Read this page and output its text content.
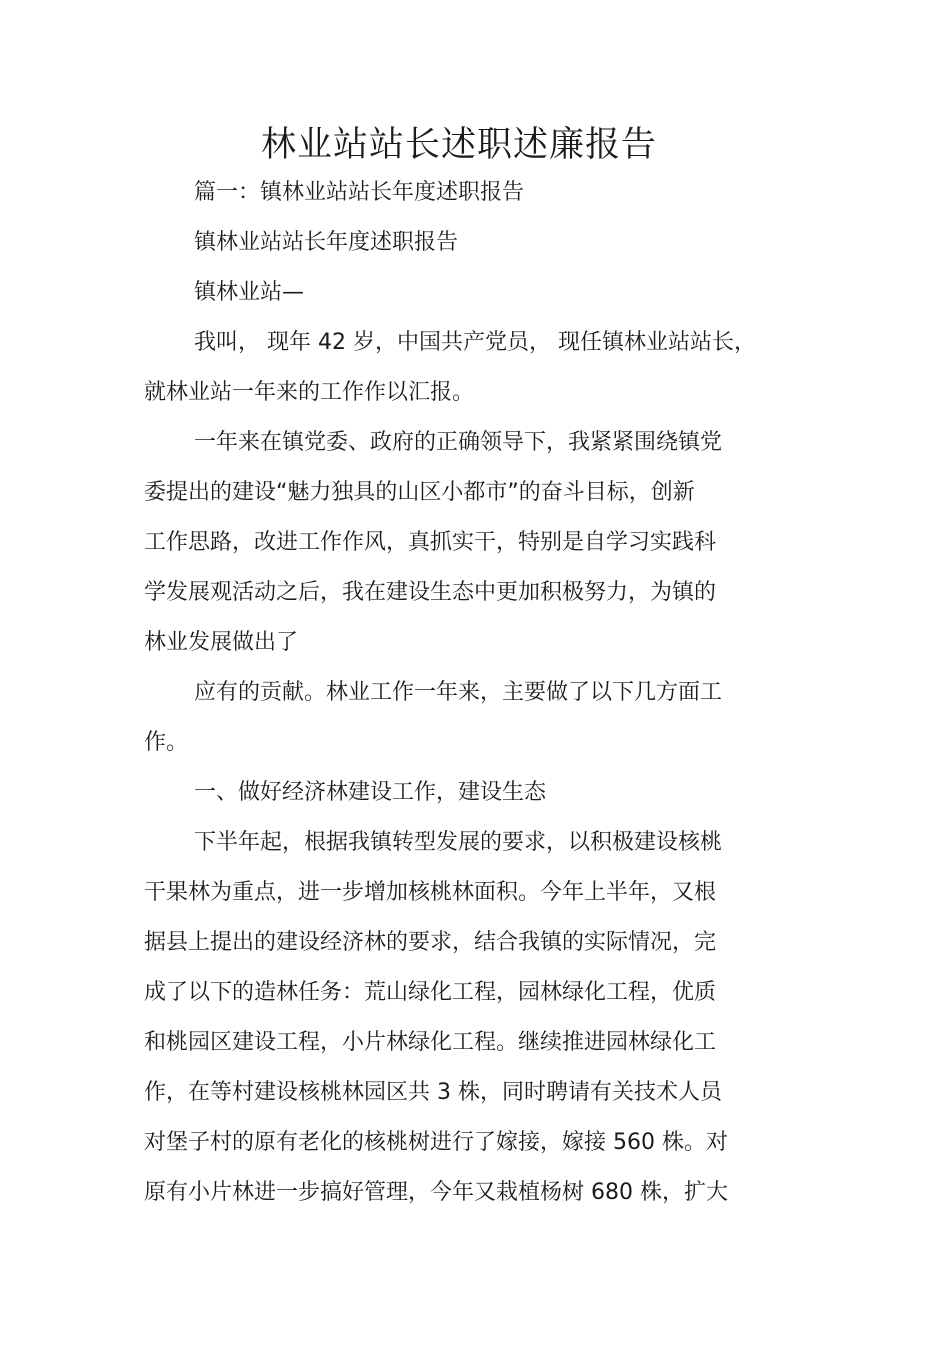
林业站站长述职述廉报告
篇一：镇林业站站长年度述职报告
镇林业站站长年度述职报告
镇林业站—
我叫， 现年 42 岁，中国共产党员， 现任镇林业站站长，
就林业站一年来的工作作以汇报。
一年来在镇党委、政府的正确领导下，我紧紧围绕镇党
委提出的建设“魅力独具的山区小都市”的奋斗目标，创新
工作思路，改进工作作风，真抓实干，特别是自学习实践科
学发展观活动之后，我在建设生态中更加积极努力，为镇的
林业发展做出了
应有的贡献。林业工作一年来，主要做了以下几方面工
作。
一、做好经济林建设工作，建设生态
下半年起，根据我镇转型发展的要求，以积极建设核桃
干果林为重点，进一步增加核桃林面积。今年上半年，又根
据县上提出的建设经济林的要求，结合我镇的实际情况，完
成了以下的造林任务：荒山绿化工程，园林绿化工程，优质
和桃园区建设工程，小片林绿化工程。继续推进园林绿化工
作，在等村建设核桃林园区共 3 株，同时聘请有关技术人员
对堡子村的原有老化的核桃树进行了嫁接，嫁接 560 株。对
原有小片林进一步搞好管理，今年又栽植杨树 680 株，扩大
